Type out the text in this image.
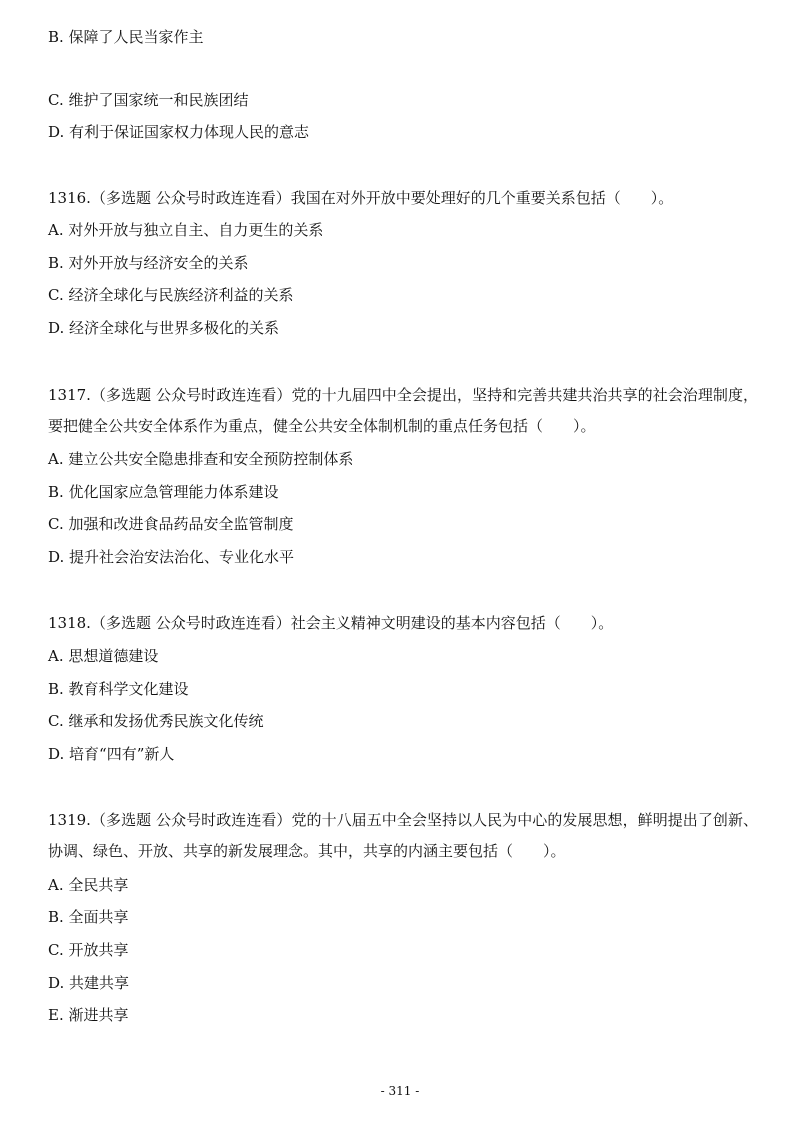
B. 保障了人民当家作主
C. 维护了国家统一和民族团结
D. 有利于保证国家权力体现人民的意志
1316.（多选题 公众号时政连连看）我国在对外开放中要处理好的几个重要关系包括（　　）。
A. 对外开放与独立自主、自力更生的关系
B. 对外开放与经济安全的关系
C. 经济全球化与民族经济利益的关系
D. 经济全球化与世界多极化的关系
1317.（多选题 公众号时政连连看）党的十九届四中全会提出，坚持和完善共建共治共享的社会治理制度，要把健全公共安全体系作为重点，健全公共安全体制机制的重点任务包括（　　）。
A. 建立公共安全隐患排查和安全预防控制体系
B. 优化国家应急管理能力体系建设
C. 加强和改进食品药品安全监管制度
D. 提升社会治安法治化、专业化水平
1318.（多选题 公众号时政连连看）社会主义精神文明建设的基本内容包括（　　）。
A. 思想道德建设
B. 教育科学文化建设
C. 继承和发扬优秀民族文化传统
D. 培育“四有”新人
1319.（多选题 公众号时政连连看）党的十八届五中全会坚持以人民为中心的发展思想，鲜明提出了创新、协调、绿色、开放、共享的新发展理念。其中，共享的内涵主要包括（　　）。
A. 全民共享
B. 全面共享
C. 开放共享
D. 共建共享
E. 渐进共享
- 311 -
